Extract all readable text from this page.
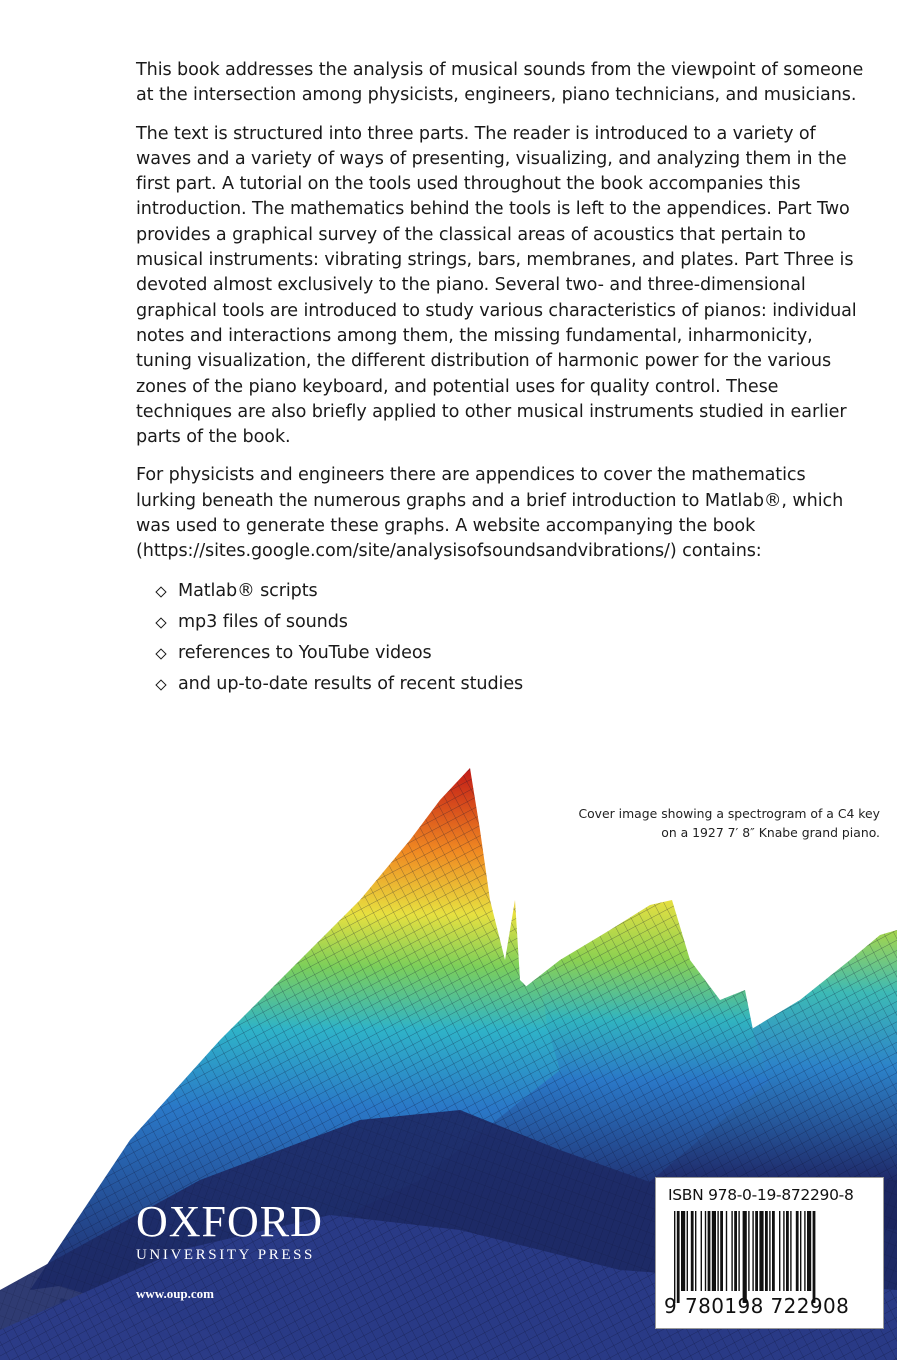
This book addresses the analysis of musical sounds from the viewpoint of someone at the intersection among physicists, engineers, piano technicians, and musicians.

The text is structured into three parts. The reader is introduced to a variety of waves and a variety of ways of presenting, visualizing, and analyzing them in the first part. A tutorial on the tools used throughout the book accompanies this introduction. The mathematics behind the tools is left to the appendices. Part Two provides a graphical survey of the classical areas of acoustics that pertain to musical instruments: vibrating strings, bars, membranes, and plates. Part Three is devoted almost exclusively to the piano. Several two- and three-dimensional graphical tools are introduced to study various characteristics of pianos: individual notes and interactions among them, the missing fundamental, inharmonicity, tuning visualization, the different distribution of harmonic power for the various zones of the piano keyboard, and potential uses for quality control. These techniques are also briefly applied to other musical instruments studied in earlier parts of the book.

For physicists and engineers there are appendices to cover the mathematics lurking beneath the numerous graphs and a brief introduction to Matlab®, which was used to generate these graphs. A website accompanying the book (https://sites.google.com/site/analysisofsoundsandvibrations/) contains:

Matlab® scripts
mp3 files of sounds
references to YouTube videos
and up-to-date results of recent studies
Cover image showing a spectrogram of a C4 key
on a 1927 7′ 8″ Knabe grand piano.
OXFORD
UNIVERSITY PRESS
www.oup.com
ISBN 978-0-19-872290-8
9 780198 722908
